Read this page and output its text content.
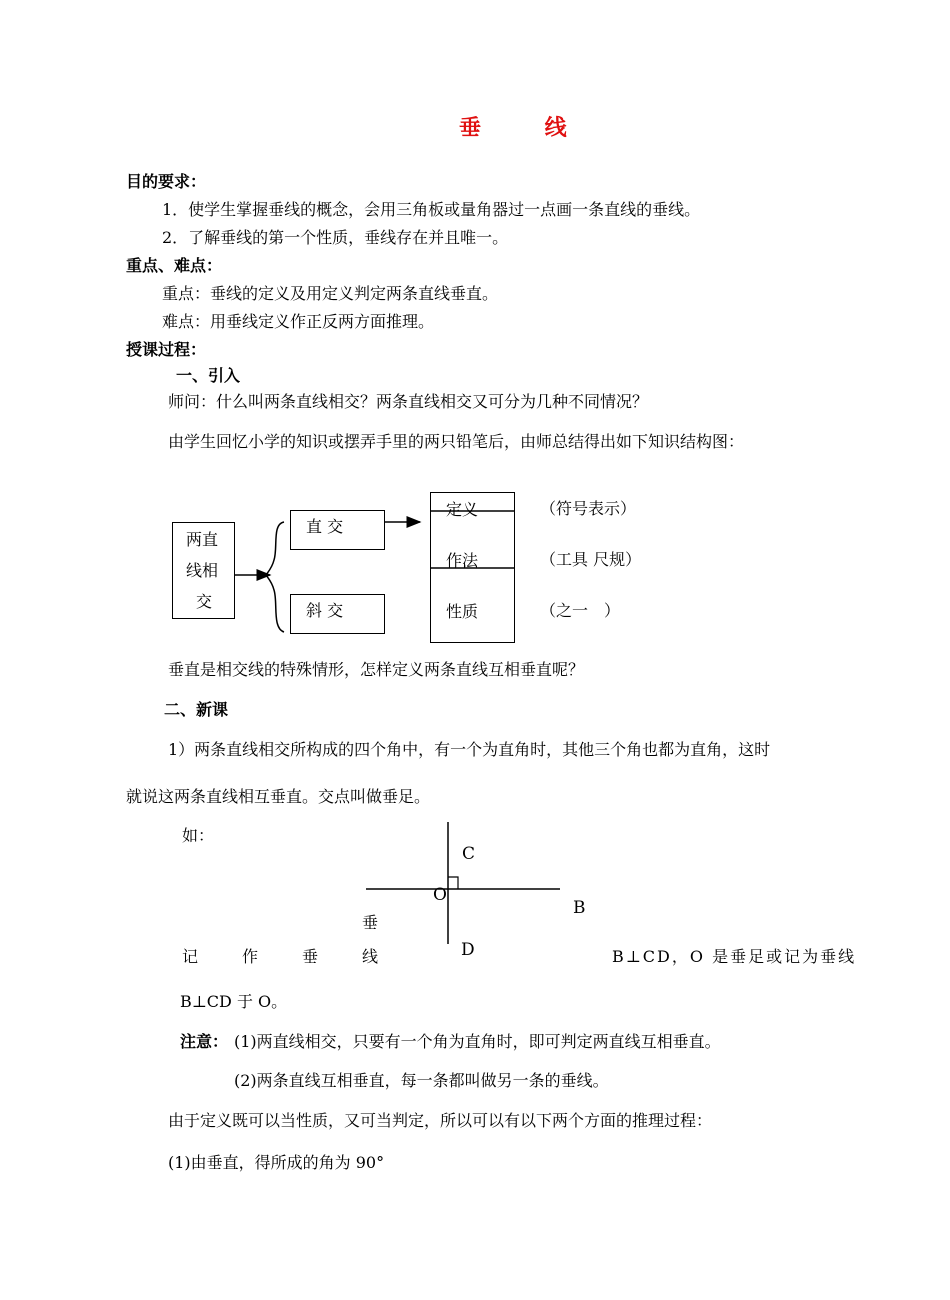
垂 线
目的要求：
1．使学生掌握垂线的概念，会用三角板或量角器过一点画一条直线的垂线。
2．了解垂线的第一个性质，垂线存在并且唯一。
重点、难点：
重点：垂线的定义及用定义判定两条直线垂直。
难点：用垂线定义作正反两方面推理。
授课过程：
一、引入
师问：什么叫两条直线相交？两条直线相交又可分为几种不同情况？
由学生回忆小学的知识或摆弄手里的两只铅笔后，由师总结得出如下知识结构图：
两直
线相
交
直 交
斜 交
定义
作法
性质
（符号表示）
（工具 尺规）
（之一　）
垂直是相交线的特殊情形，怎样定义两条直线互相垂直呢？
二、新课
1）两条直线相交所构成的四个角中，有一个为直角时，其他三个角也都为直角，这时
就说这两条直线相互垂直。交点叫做垂足。
如：
C
O
B
D
垂
记	作	垂	线	B⊥CD，O 是垂足或记为垂线
B⊥CD 于 O。
注意： (1)两直线相交，只要有一个角为直角时，即可判定两直线互相垂直。
(2)两条直线互相垂直，每一条都叫做另一条的垂线。
由于定义既可以当性质，又可当判定，所以可以有以下两个方面的推理过程：
(1)由垂直，得所成的角为 90°
